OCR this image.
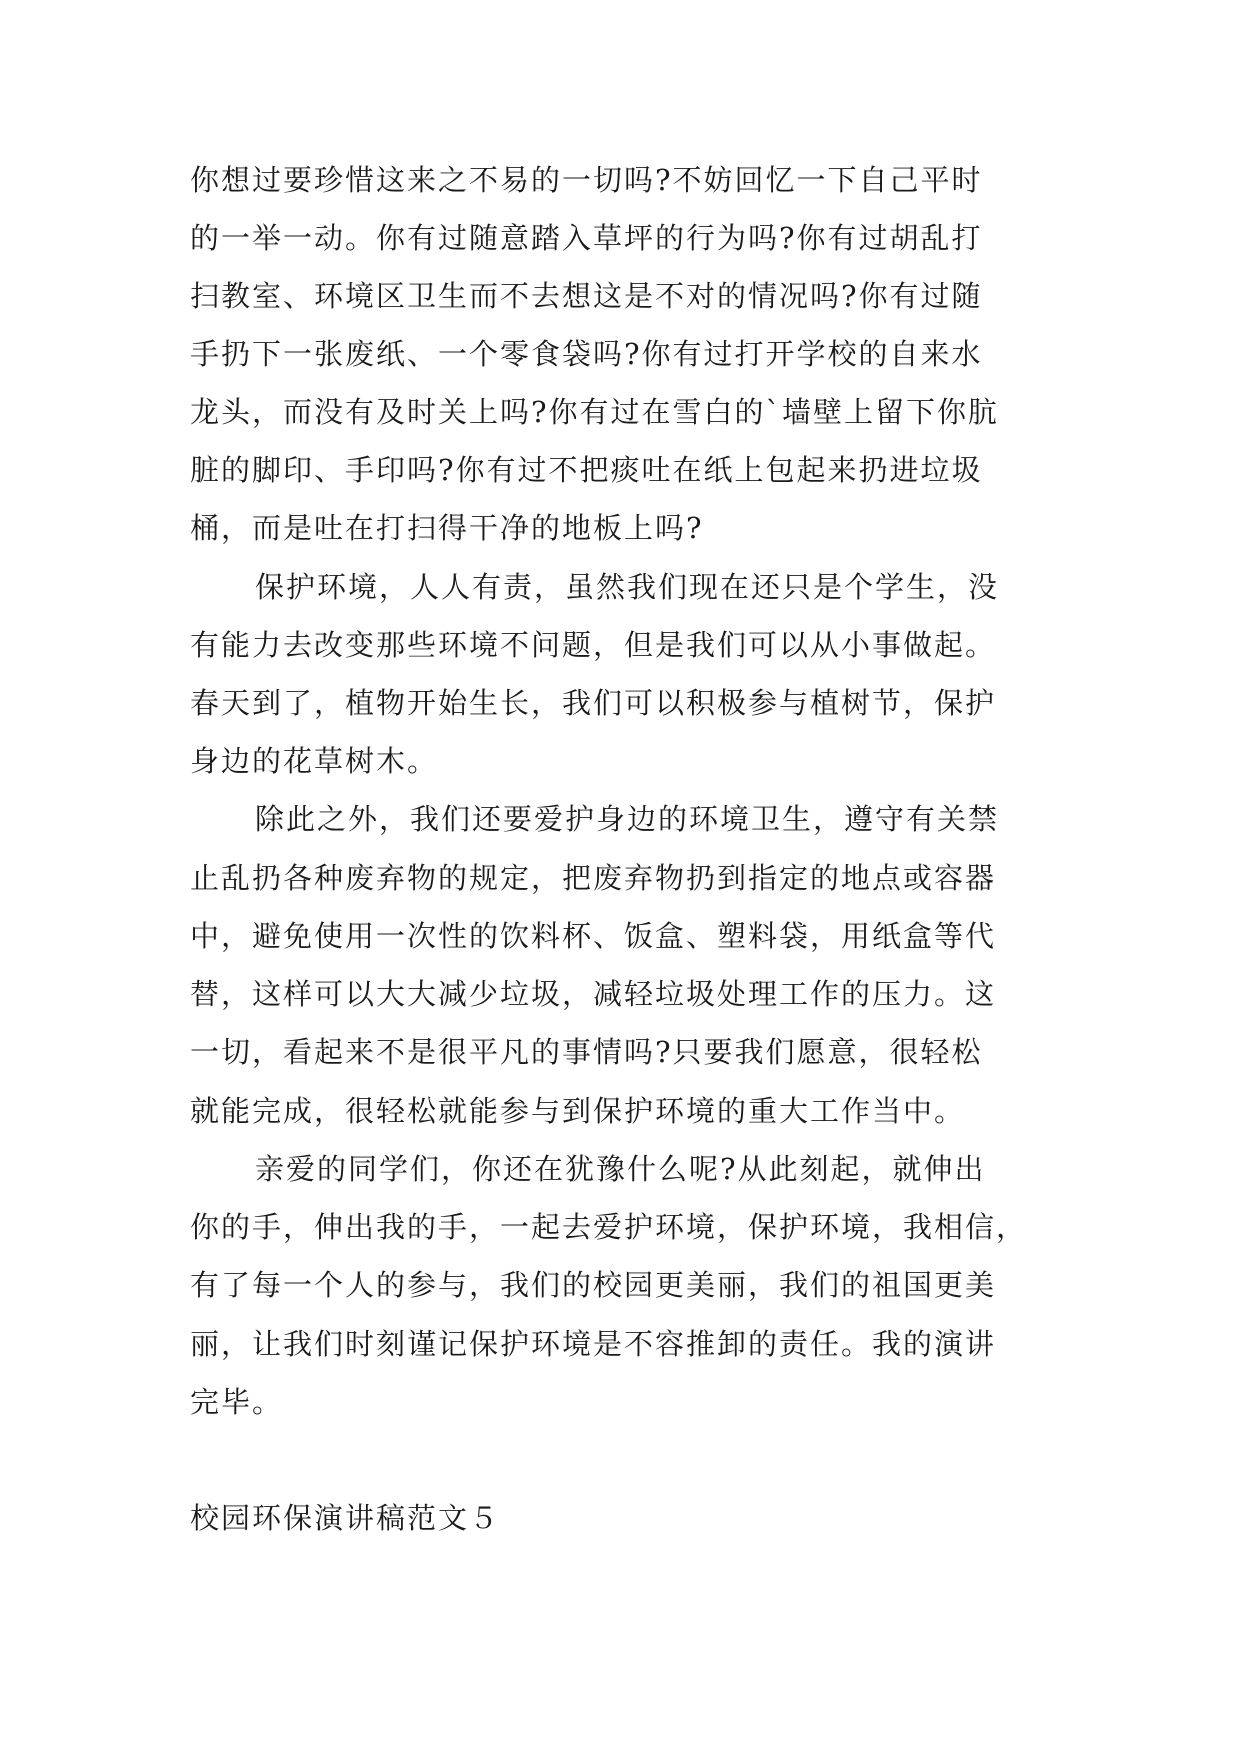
你想过要珍惜这来之不易的一切吗?不妨回忆一下自己平时
的一举一动。你有过随意踏入草坪的行为吗?你有过胡乱打
扫教室、环境区卫生而不去想这是不对的情况吗?你有过随
手扔下一张废纸、一个零食袋吗?你有过打开学校的自来水
龙头，而没有及时关上吗?你有过在雪白的`墙壁上留下你肮
脏的脚印、手印吗?你有过不把痰吐在纸上包起来扔进垃圾
桶，而是吐在打扫得干净的地板上吗?
保护环境，人人有责，虽然我们现在还只是个学生，没
有能力去改变那些环境不问题，但是我们可以从小事做起。
春天到了，植物开始生长，我们可以积极参与植树节，保护
身边的花草树木。
除此之外，我们还要爱护身边的环境卫生，遵守有关禁
止乱扔各种废弃物的规定，把废弃物扔到指定的地点或容器
中，避免使用一次性的饮料杯、饭盒、塑料袋，用纸盒等代
替，这样可以大大减少垃圾，减轻垃圾处理工作的压力。这
一切，看起来不是很平凡的事情吗?只要我们愿意，很轻松
就能完成，很轻松就能参与到保护环境的重大工作当中。
亲爱的同学们，你还在犹豫什么呢?从此刻起，就伸出
你的手，伸出我的手，一起去爱护环境，保护环境，我相信，
有了每一个人的参与，我们的校园更美丽，我们的祖国更美
丽，让我们时刻谨记保护环境是不容推卸的责任。我的演讲
完毕。
校园环保演讲稿范文５
